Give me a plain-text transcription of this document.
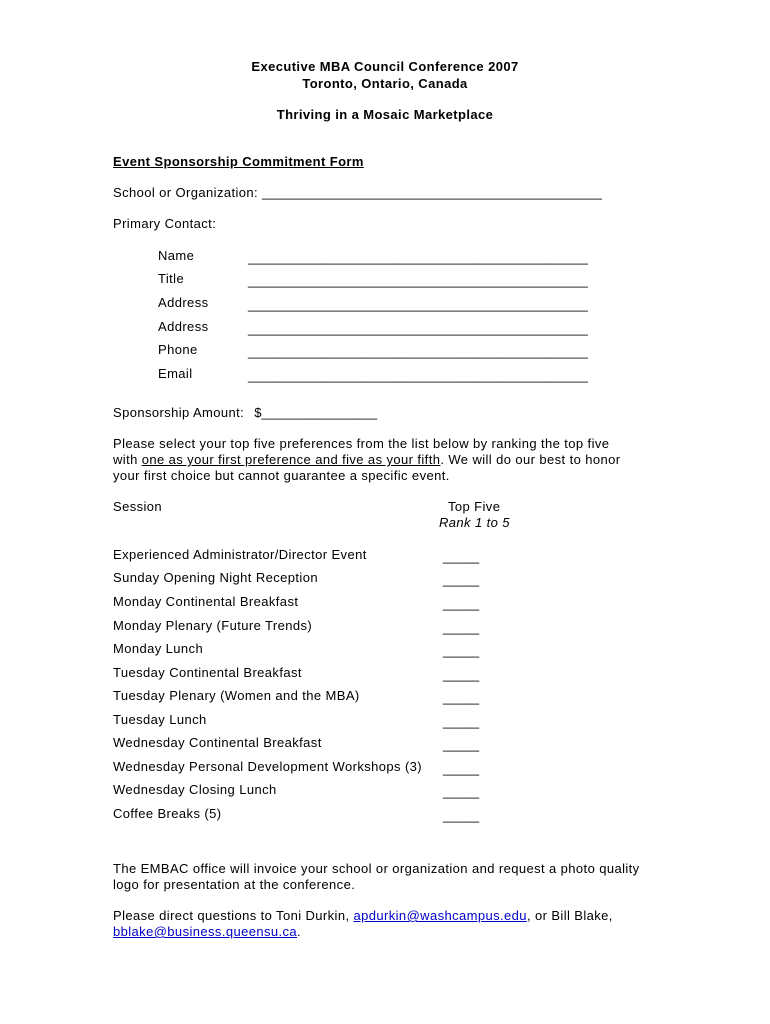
Executive MBA Council Conference 2007
Toronto, Ontario, Canada
Thriving in a Mosaic Marketplace
Event Sponsorship Commitment Form
School or Organization: _______________________________________________
Primary Contact:
Name	_______________________________________________
Title	_______________________________________________
Address	_______________________________________________
Address	_______________________________________________
Phone	_______________________________________________
Email	_______________________________________________
Sponsorship Amount: $________________
Please select your top five preferences from the list below by ranking the top five
with one as your first preference and five as your fifth. We will do our best to honor
your first choice but cannot guarantee a specific event.
Session	Top Five
Rank 1 to 5
Experienced Administrator/Director Event	_____
Sunday Opening Night Reception	_____
Monday Continental Breakfast	_____
Monday Plenary (Future Trends)	_____
Monday Lunch	_____
Tuesday Continental Breakfast	_____
Tuesday Plenary (Women and the MBA)	_____
Tuesday Lunch	_____
Wednesday Continental Breakfast	_____
Wednesday Personal Development Workshops (3) _____
Wednesday Closing Lunch	_____
Coffee Breaks (5)	_____
The EMBAC office will invoice your school or organization and request a photo quality
logo for presentation at the conference.
Please direct questions to Toni Durkin, apdurkin@washcampus.edu, or Bill Blake,
bblake@business.queensu.ca.
